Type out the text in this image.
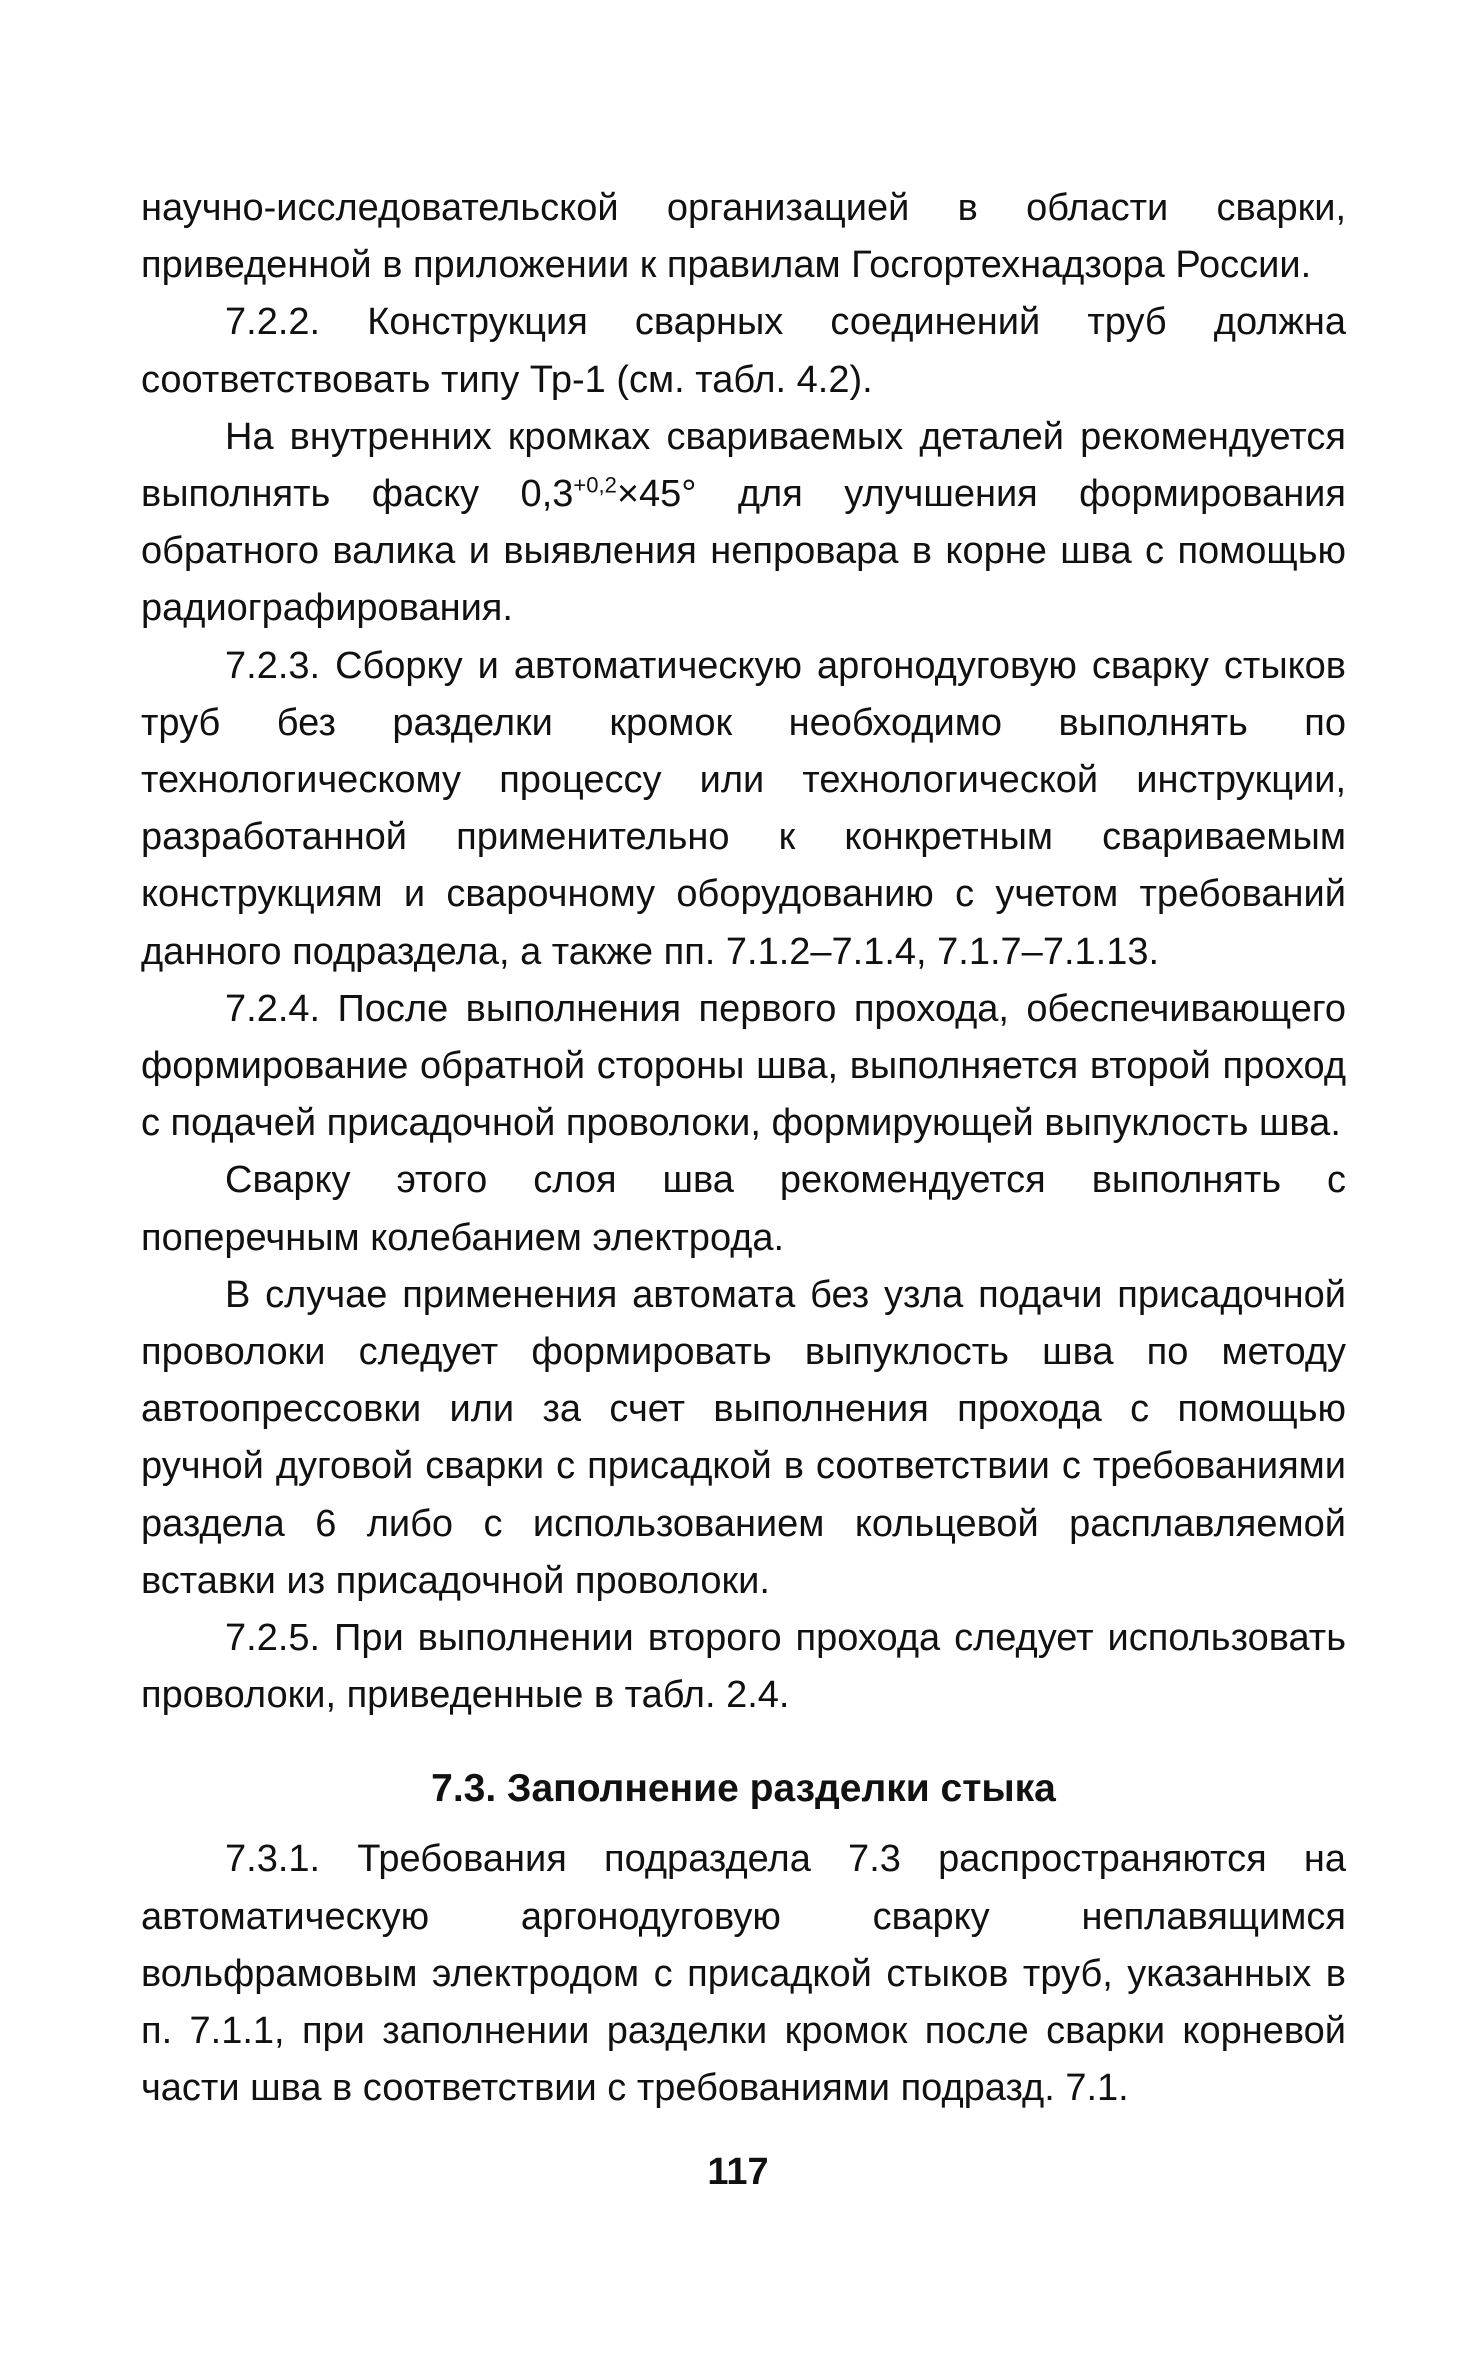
научно-исследовательской организацией в области сварки, приведенной в приложении к правилам Госгортехнадзора России.

7.2.2. Конструкция сварных соединений труб должна соответствовать типу Тр-1 (см. табл. 4.2).

На внутренних кромках свариваемых деталей рекомендуется выполнять фаску $0,3^{+0,2}\times 45^\circ$ для улучшения формирования обратного валика и выявления непровара в корне шва с помощью радиографирования.

7.2.3. Сборку и автоматическую аргонодуговую сварку стыков труб без разделки кромок необходимо выполнять по технологическому процессу или технологической инструкции, разработанной применительно к конкретным свариваемым конструкциям и сварочному оборудованию с учетом требований данного подраздела, а также пп. 7.1.2–7.1.4, 7.1.7–7.1.13.

7.2.4. После выполнения первого прохода, обеспечивающего формирование обратной стороны шва, выполняется второй проход с подачей присадочной проволоки, формирующей выпуклость шва.

Сварку этого слоя шва рекомендуется выполнять с поперечным колебанием электрода.

В случае применения автомата без узла подачи присадочной проволоки следует формировать выпуклость шва по методу автоопрессовки или за счет выполнения прохода с помощью ручной дуговой сварки с присадкой в соответствии с требованиями раздела 6 либо с использованием кольцевой расплавляемой вставки из присадочной проволоки.

7.2.5. При выполнении второго прохода следует использовать проволоки, приведенные в табл. 2.4.

7.3. Заполнение разделки стыка

7.3.1. Требования подраздела 7.3 распространяются на автоматическую аргонодуговую сварку неплавящимся вольфрамовым электродом с присадкой стыков труб, указанных в п. 7.1.1, при заполнении разделки кромок после сварки корневой части шва в соответствии с требованиями подразд. 7.1.

117
